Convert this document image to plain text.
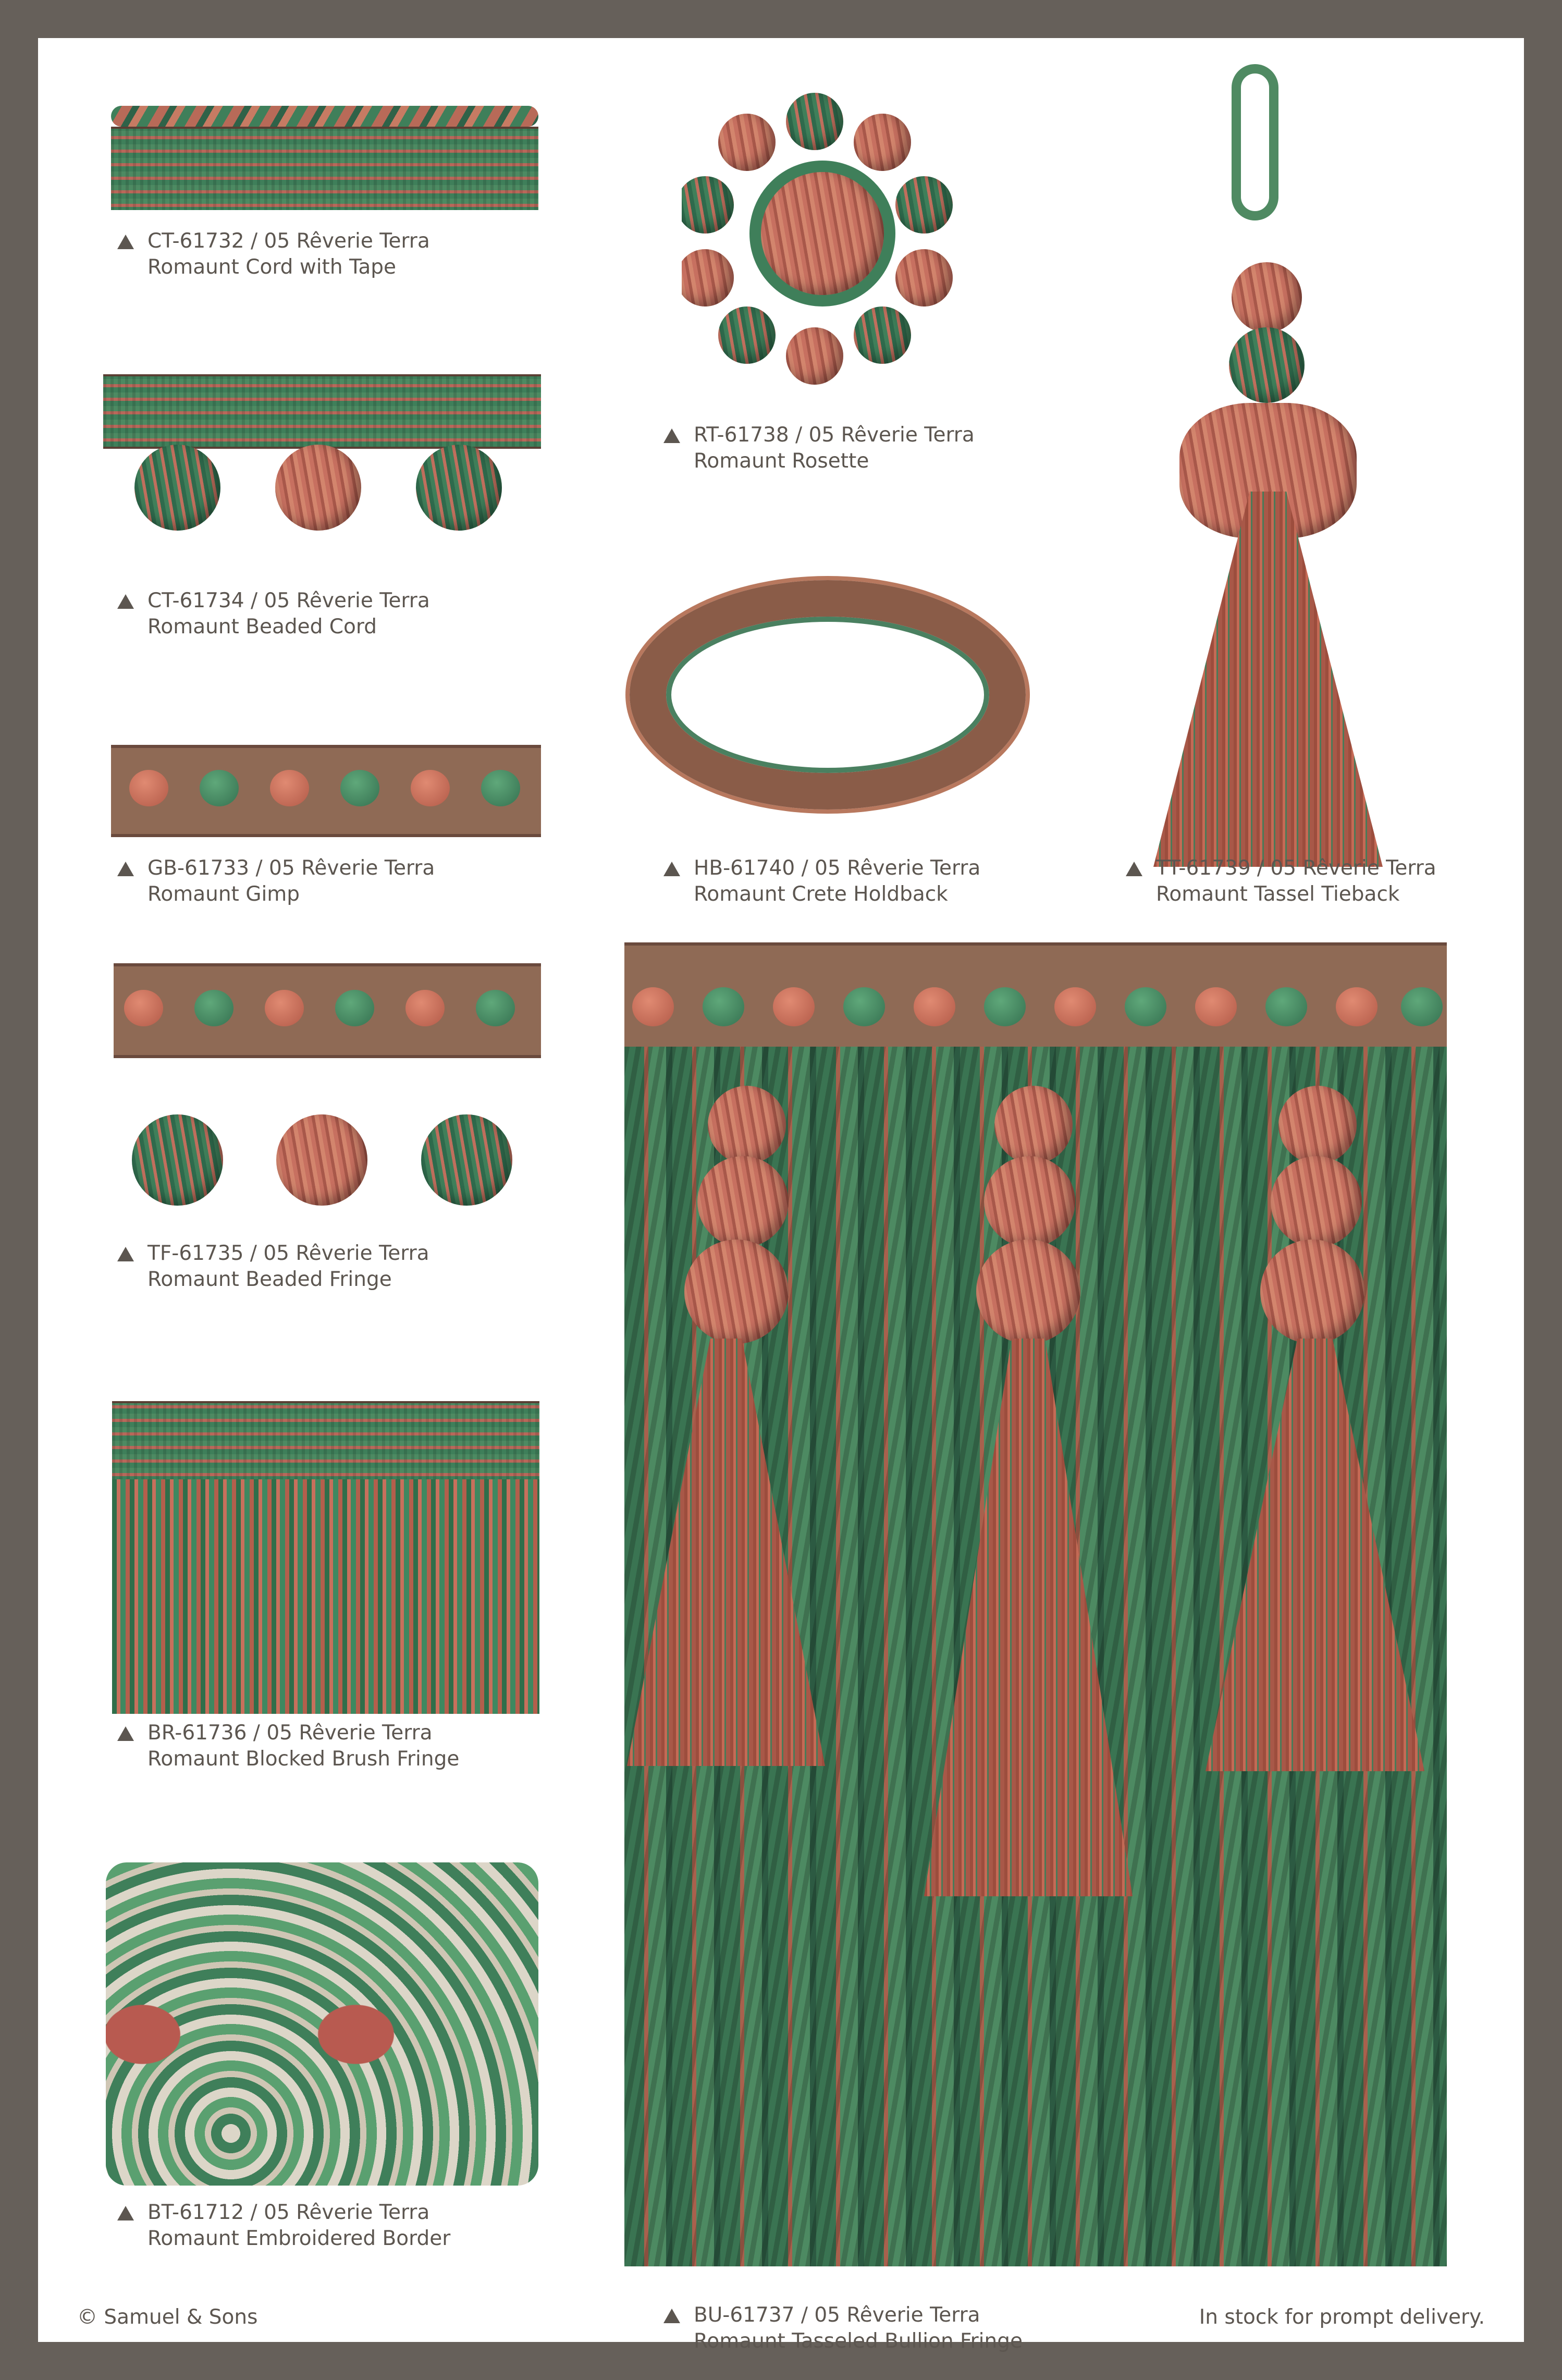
CT-61732 / 05 Rêverie Terra
Romaunt Cord with Tape
CT-61734 / 05 Rêverie Terra
Romaunt Beaded Cord
GB-61733 / 05 Rêverie Terra
Romaunt Gimp
TF-61735 / 05 Rêverie Terra
Romaunt Beaded Fringe
BR-61736 / 05 Rêverie Terra
Romaunt Blocked Brush Fringe
BT-61712 / 05 Rêverie Terra
Romaunt Embroidered Border
RT-61738 / 05 Rêverie Terra
Romaunt Rosette
HB-61740 / 05 Rêverie Terra
Romaunt Crete Holdback
TT-61739 / 05 Rêverie Terra
Romaunt Tassel Tieback
BU-61737 / 05 Rêverie Terra
Romaunt Tasseled Bullion Fringe
© Samuel & Sons	In stock for prompt delivery.
